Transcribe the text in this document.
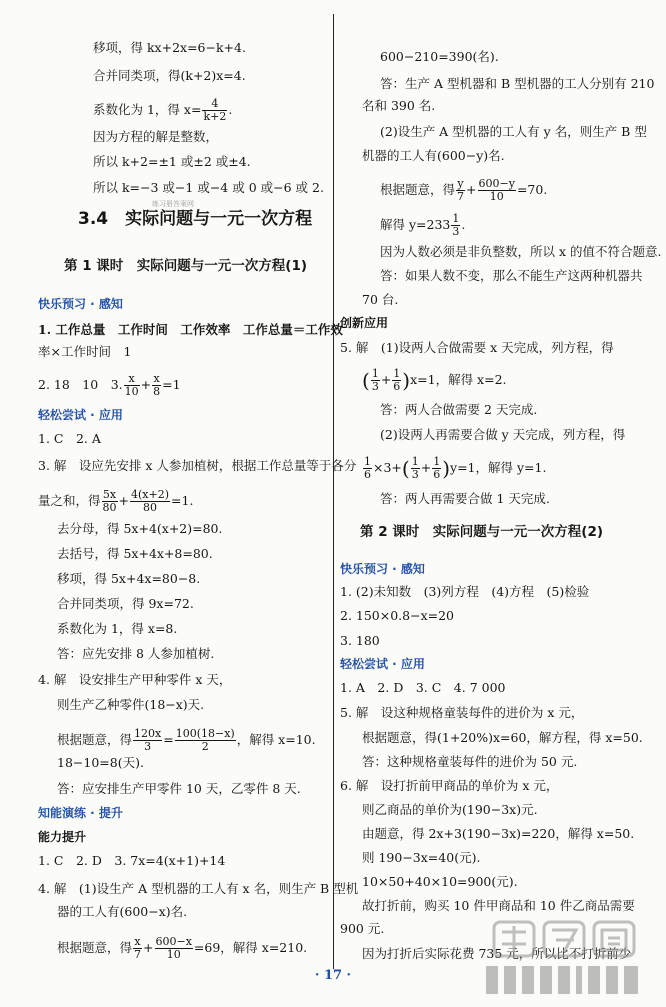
移项，得 kx+2x=6−k+4.
合并同类项，得(k+2)x=4.
系数化为 1，得 $x= \frac{4}{k+2}$ .
因为方程的解是整数，
所以 k+2=±1 或±2 或±4.
所以 k=−3 或−1 或−4 或 0 或−6 或 2.
练习册答案网
3.4　实际问题与一元一次方程
第 1 课时　实际问题与一元一次方程(1)
快乐预习 · 感知
1. 工作总量　工作时间　工作效率　工作总量＝工作效
率×工作时间　1
2. 18　10　3. $\frac{x}{10} + \frac{x}{8} =1$
轻松尝试 · 应用
1. C　2. A
3. 解　设应先安排 x 人参加植树，根据工作总量等于各分
量之和，得 $\frac{5x}{80} + \frac{4(x+2)}{80} =1$.
去分母，得 5x+4(x+2)=80.
去括号，得 5x+4x+8=80.
移项，得 5x+4x=80−8.
合并同类项，得 9x=72.
系数化为 1，得 x=8.
答：应先安排 8 人参加植树.
4. 解　设安排生产甲种零件 x 天，
则生产乙种零件(18−x)天.
根据题意，得 $\frac{120x}{3} = \frac{100(18-x)}{2}$ ，解得 x=10.
18−10=8(天).
答：应安排生产甲零件 10 天，乙零件 8 天.
知能演练 · 提升
能力提升
1. C　2. D　3. 7x=4(x+1)+14
4. 解　(1)设生产 A 型机器的工人有 x 名，则生产 B 型机
器的工人有(600−x)名.
根据题意，得 $\frac{x}{7} + \frac{600-x}{10} =69$，解得 x=210.
600−210=390(名).
答：生产 A 型机器和 B 型机器的工人分别有 210
名和 390 名.
(2)设生产 A 型机器的工人有 y 名，则生产 B 型
机器的工人有(600−y)名.
根据题意，得 $\frac{y}{7} + \frac{600-y}{10} =70$.
解得 $y=233 \frac{1}{3}$ .
因为人数必须是非负整数，所以 x 的值不符合题意.
答：如果人数不变，那么不能生产这两种机器共
70 台.
创新应用
5. 解　(1)设两人合做需要 x 天完成，列方程，得
( $\frac{1}{3} + \frac{1}{6} )x=1$，解得 x=2.
答：两人合做需要 2 天完成.
(2)设两人再需要合做 y 天完成，列方程，得
$\frac{1}{6} \times 3+( \frac{1}{3} + \frac{1}{6} )y=1$，解得 y=1.
答：两人再需要合做 1 天完成.
第 2 课时　实际问题与一元一次方程(2)
快乐预习 · 感知
1. (2)未知数　(3)列方程　(4)方程　(5)检验
2. 150×0.8−x=20
3. 180
轻松尝试 · 应用
1. A　2. D　3. C　4. 7 000
5. 解　设这种规格童装每件的进价为 x 元，
根据题意，得(1+20%)x=60，解方程，得 x=50.
答：这种规格童装每件的进价为 50 元.
6. 解　设打折前甲商品的单价为 x 元，
则乙商品的单价为(190−3x)元.
由题意，得 2x+3(190−3x)=220，解得 x=50.
则 190−3x=40(元).
10×50+40×10=900(元).
故打折前，购买 10 件甲商品和 10 件乙商品需要
900 元.
因为打折后实际花费 735 元，所以比不打折前少
· 17 ·
